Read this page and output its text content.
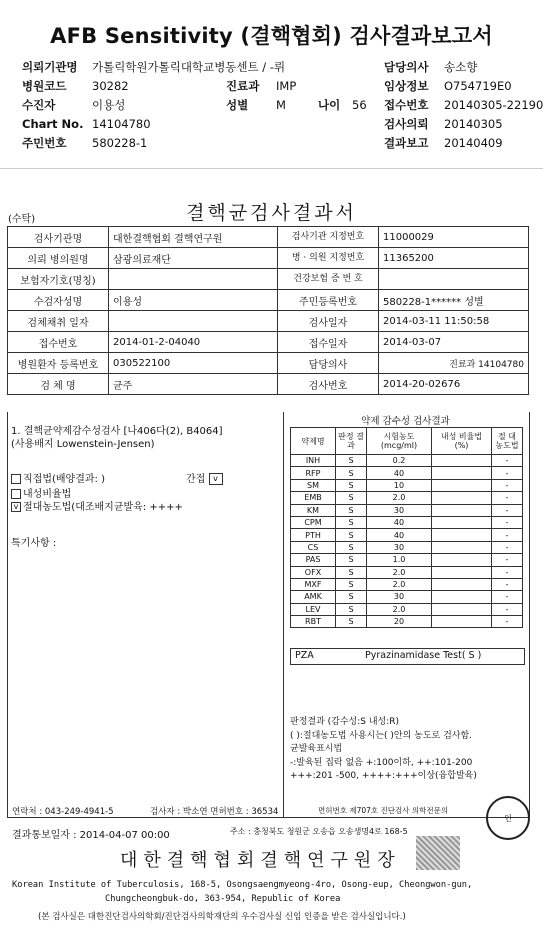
AFB Sensitivity (결핵협회) 검사결과보고서
의뢰기관명 가톨릭학원가톨릭대학교병동센트 / -뤼	담당의사 송소향
병원코드 30282	진료과 IMP	임상정보 O754719E0
수진자	이용성	성별 M	나이 56 접수번호 20140305-22190
Chart No. 14104780	검사의뢰 20140305
주민번호 580228-1	결과보고 20140409
결핵균검사결과서
(수탁)
검사기관명	대한결핵협회 결핵연구원	검사기관 지정번호	11000029
의뢰 병의원명	삼광의료재단	병 · 의원 지정번호	11365200
보험자기호(명칭)		건강보험 증 번 호	
수검자성명	이용성	주민등록번호	580228-1****** 성별
검체채취 일자		검사일자	2014-03-11 11:50:58
접수번호	2014-01-2-04040	접수일자	2014-03-07
병원환자 등록번호	030522100	담당의사	진료과 14104780
검 체 명	균주	검사번호	2014-20-02676
1. 결핵균약제감수성검사 [나406다(2), B4064]
(사용배지 Lowenstein-Jensen)
직접법(배양결과: )	간접 v
내성비율법
v 절대농도법(대조배지균발육: ++++
특기사항 :
약제 감수성 검사결과
약제명	판정 결과	시험농도 (mcg/ml)	내성 비율법(%)	절 대 농도법
INH	S	0.2		-
RFP	S	40		-
SM	S	10		-
EMB	S	2.0		-
KM	S	30		-
CPM	S	40		-
PTH	S	40		-
CS	S	30		-
PAS	S	1.0		-
OFX	S	2.0		-
MXF	S	2.0		-
AMK	S	30		-
LEV	S	2.0		-
RBT	S	20		-
PZA	Pyrazinamidase Test( S )
판정결과 (감수성:S 내성:R)
( ):절대농도법 사용시는( )안의 농도로 검사함.
균발육표시법
-:발육된 집락 없음 +:100이하, ++:101-200
+++:201 -500, ++++:+++이상(융합발육)
연락처 : 043-249-4941-5	검사자 : 박소연 면허번호 : 36534	면허번호 제707호 진단검사 의학전문의
결과통보일자 : 2014-04-07 00:00	주소 : 충청북도 청원군 오송읍 오송생명4로 168-5
대한결핵협회결핵연구원장
Korean Institute of Tuberculosis, 168-5, Osongsaengmyeong-4ro, Osong-eup, Cheongwon-gun,
Chungcheongbuk-do, 363-954, Republic of Korea
(본 검사실은 대한진단검사의학회/진단검사의학재단의 우수검사실 신임 인증을 받은 검사실입니다.)
인
